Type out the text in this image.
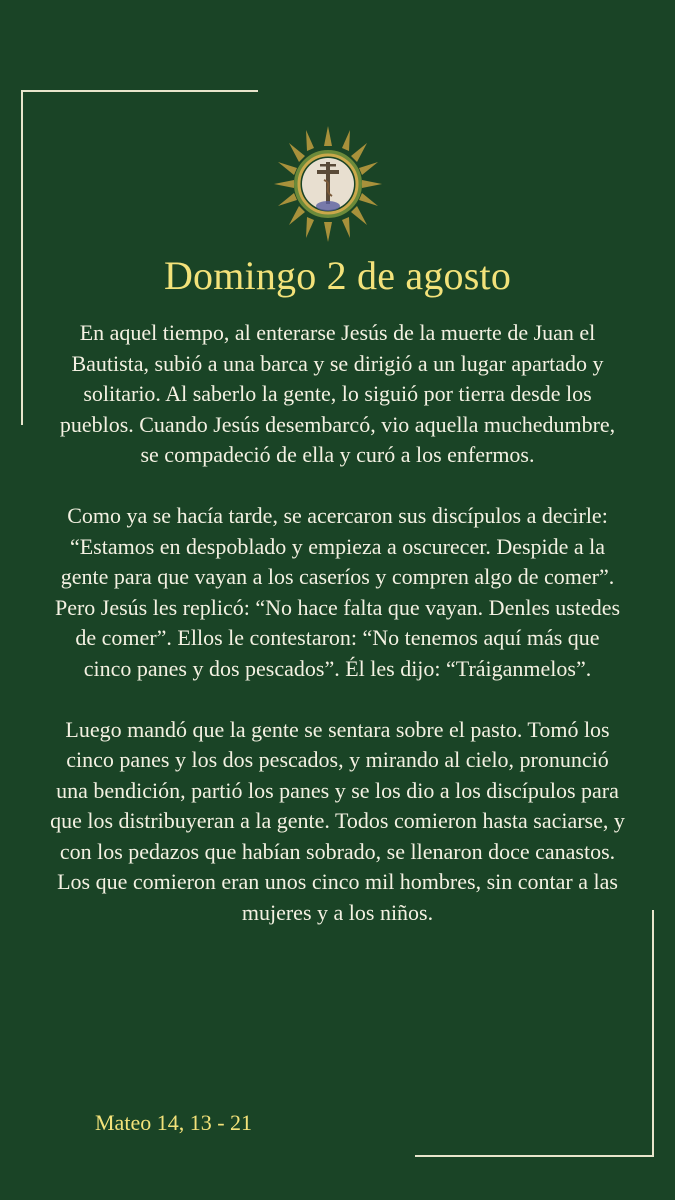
Domingo 2 de agosto

En aquel tiempo, al enterarse Jesús de la muerte de Juan el Bautista, subió a una barca y se dirigió a un lugar apartado y solitario. Al saberlo la gente, lo siguió por tierra desde los pueblos. Cuando Jesús desembarcó, vio aquella muchedumbre, se compadeció de ella y curó a los enfermos.

Como ya se hacía tarde, se acercaron sus discípulos a decirle: “Estamos en despoblado y empieza a oscurecer. Despide a la gente para que vayan a los caseríos y compren algo de comer”. Pero Jesús les replicó: “No hace falta que vayan. Denles ustedes de comer”. Ellos le contestaron: “No tenemos aquí más que cinco panes y dos pescados”. Él les dijo: “Tráiganmelos”.

Luego mandó que la gente se sentara sobre el pasto. Tomó los cinco panes y los dos pescados, y mirando al cielo, pronunció una bendición, partió los panes y se los dio a los discípulos para que los distribuyeran a la gente. Todos comieron hasta saciarse, y con los pedazos que habían sobrado, se llenaron doce canastos. Los que comieron eran unos cinco mil hombres, sin contar a las mujeres y a los niños.

Mateo 14, 13 - 21
